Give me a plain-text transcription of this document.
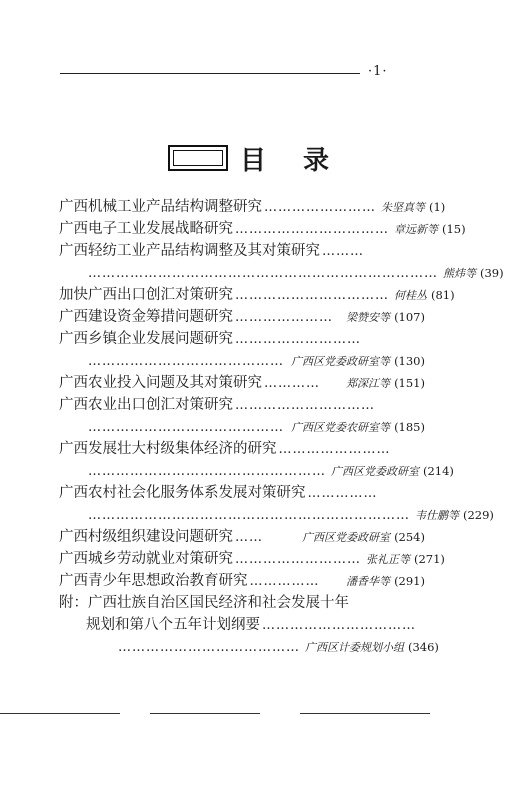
·1·
目 录
广西机械工业产品结构调整研究 …………………… 朱坚真等 (1)
广西电子工业发展战略研究 …………………………… 章远新等 (15)
广西轻纺工业产品结构调整及其对策研究 ………
………………………………………………………………… 熊炜等 (39)
加快广西出口创汇对策研究 …………………………… 何桂丛 (81)
广西建设资金筹措问题研究 ………………… 梁赞安等 (107)
广西乡镇企业发展问题研究 ………………………
…………………………………… 广西区党委政研室等 (130)
广西农业投入问题及其对策研究 ………… 郑深江等 (151)
广西农业出口创汇对策研究 …………………………
…………………………………… 广西区党委农研室等 (185)
广西发展壮大村级集体经济的研究 ……………………
…………………………………………… 广西区党委政研室 (214)
广西农村社会化服务体系发展对策研究 ……………
…………………………………………………………… 韦仕鹏等 (229)
广西村级组织建设问题研究 ……	广西区党委政研室 (254)
广西城乡劳动就业对策研究 ……………………… 张礼正等 (271)
广西青少年思想政治教育研究 …………… 潘香华等 (291)
附：广西壮族自治区国民经济和社会发展十年
规划和第八个五年计划纲要 ……………………………
………………………………… 广西区计委规划小组 (346)
